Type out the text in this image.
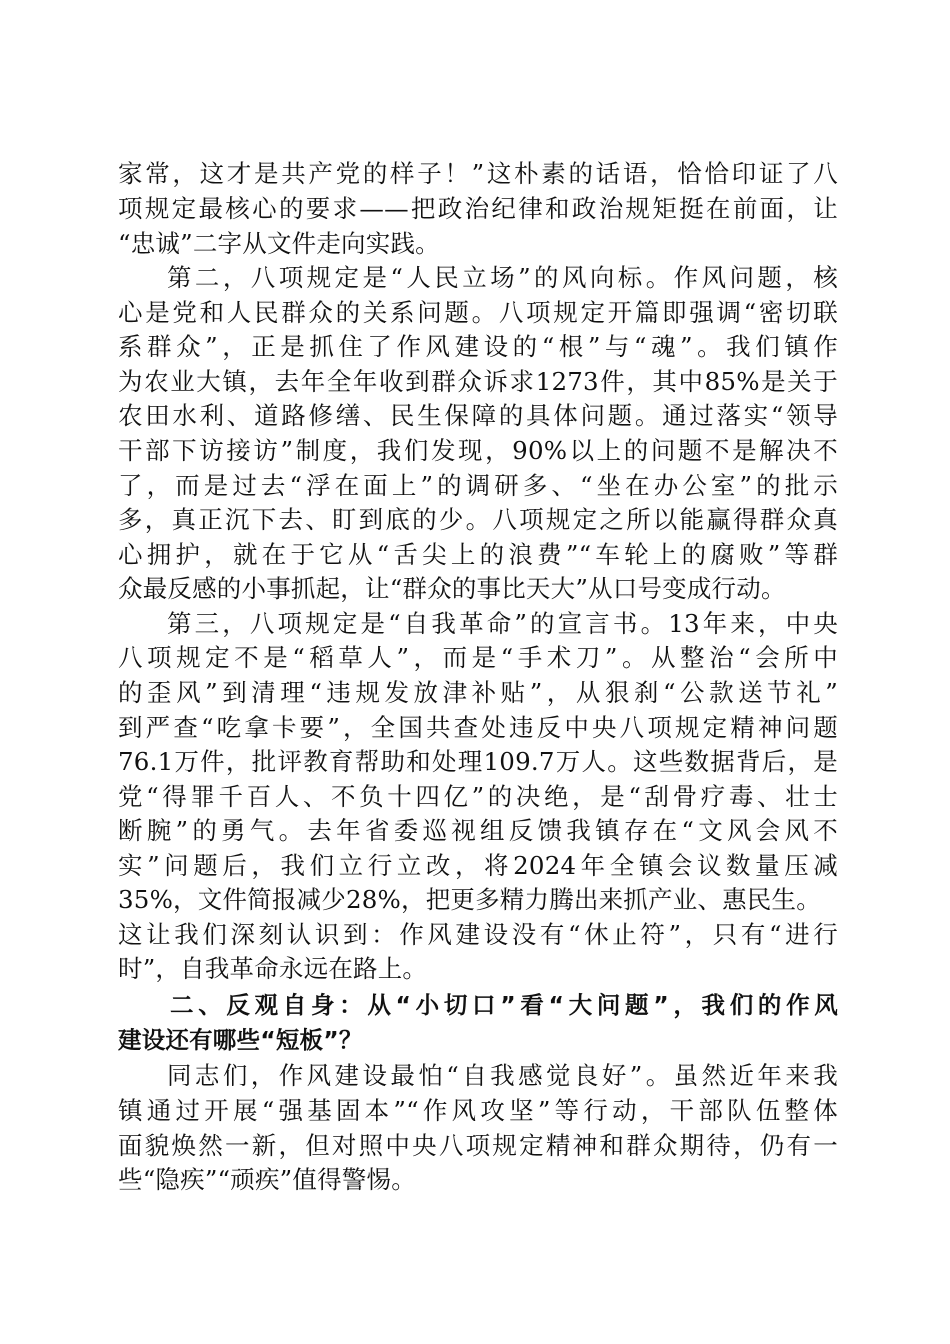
家常，这才是共产党的样子！”这朴素的话语，恰恰印证了八
项规定最核心的要求——把政治纪律和政治规矩挺在前面，让
“忠诚”二字从文件走向实践。
第二，八项规定是“人民立场”的风向标。作风问题，核
心是党和人民群众的关系问题。八项规定开篇即强调“密切联
系群众”，正是抓住了作风建设的“根”与“魂”。我们镇作
为农业大镇，去年全年收到群众诉求1273件，其中85%是关于
农田水利、道路修缮、民生保障的具体问题。通过落实“领导
干部下访接访”制度，我们发现，90%以上的问题不是解决不
了，而是过去“浮在面上”的调研多、“坐在办公室”的批示
多，真正沉下去、盯到底的少。八项规定之所以能赢得群众真
心拥护，就在于它从“舌尖上的浪费”“车轮上的腐败”等群
众最反感的小事抓起，让“群众的事比天大”从口号变成行动。
第三，八项规定是“自我革命”的宣言书。13年来，中央
八项规定不是“稻草人”，而是“手术刀”。从整治“会所中
的歪风”到清理“违规发放津补贴”，从狠刹“公款送节礼”
到严查“吃拿卡要”，全国共查处违反中央八项规定精神问题
76.1万件，批评教育帮助和处理109.7万人。这些数据背后，是
党“得罪千百人、不负十四亿”的决绝，是“刮骨疗毒、壮士
断腕”的勇气。去年省委巡视组反馈我镇存在“文风会风不
实”问题后，我们立行立改，将2024年全镇会议数量压减
35%，文件简报减少28%，把更多精力腾出来抓产业、惠民生。
这让我们深刻认识到：作风建设没有“休止符”，只有“进行
时”，自我革命永远在路上。
二、反观自身：从“小切口”看“大问题”，我们的作风
建设还有哪些“短板”？
同志们，作风建设最怕“自我感觉良好”。虽然近年来我
镇通过开展“强基固本”“作风攻坚”等行动，干部队伍整体
面貌焕然一新，但对照中央八项规定精神和群众期待，仍有一
些“隐疾”“顽疾”值得警惕。
